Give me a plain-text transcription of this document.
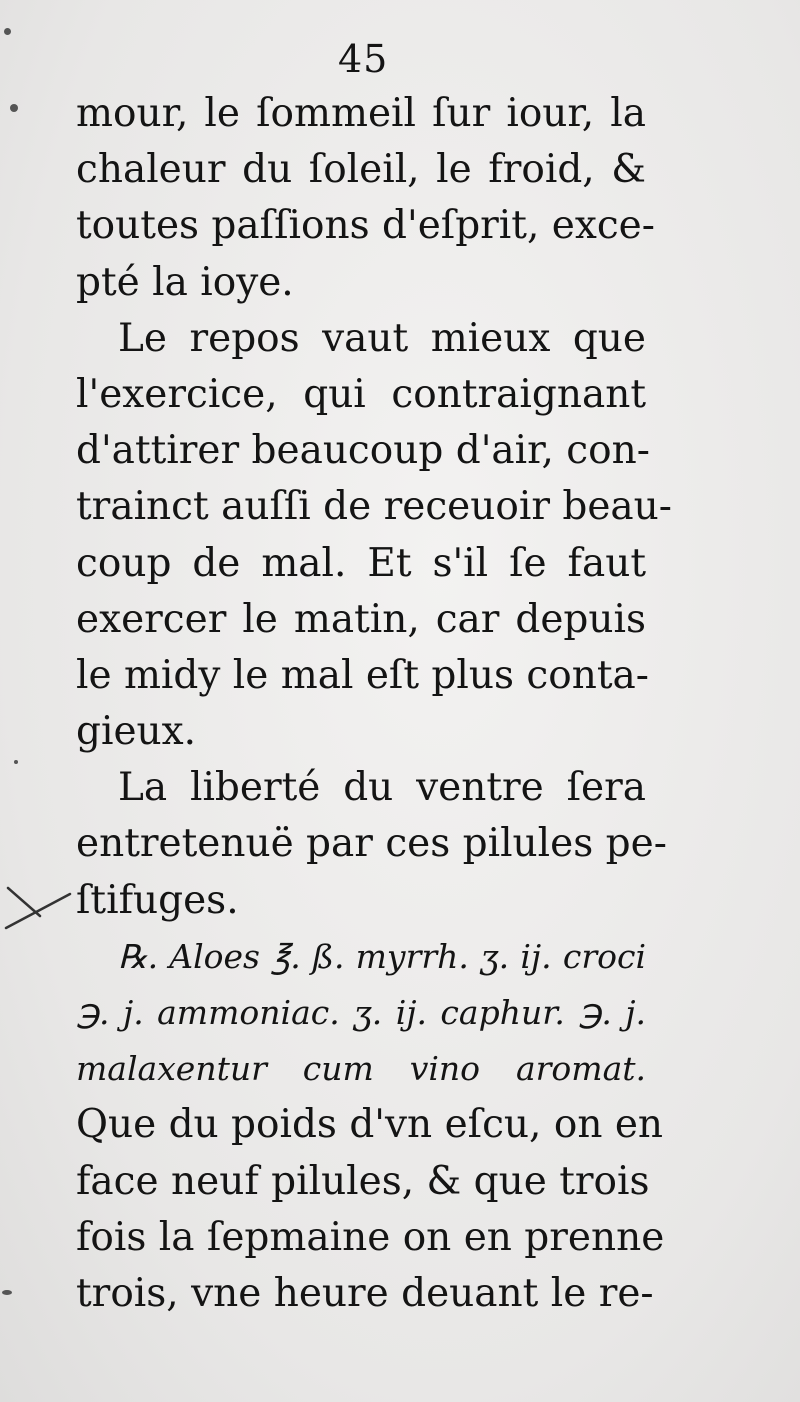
45
mour, le ſommeil ſur iour, la
chaleur du ſoleil, le froid, &
toutes paſſions d'eſprit, exce-
pté la ioye.
Le repos vaut mieux que
l'exercice, qui contraignant
d'attirer beaucoup d'air, con-
trainct auſſi de receuoir beau-
coup de mal. Et s'il ſe faut
exercer le matin, car depuis
le midy le mal eſt plus conta-
gieux.
La liberté du ventre ſera
entretenuë par ces pilules pe-
ſtifuges.
℞. Aloes ℥. ß. myrrh. ʒ. ij. croci
℈. j. ammoniac. ʒ. ij. caphur. ℈. j.
malaxentur cum vino aromat.
Que du poids d'vn eſcu, on en
face neuf pilules, & que trois
fois la ſepmaine on en prenne
trois, vne heure deuant le re-
